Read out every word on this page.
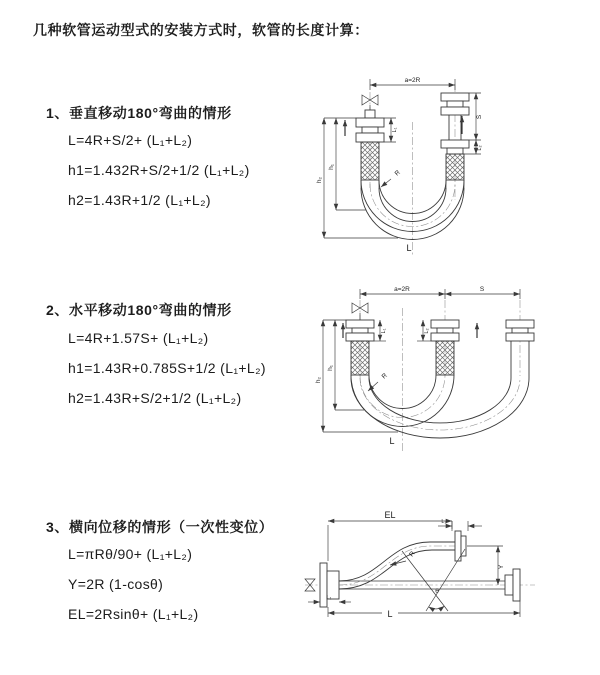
几种软管运动型式的安装方式时，软管的长度计算：
1、垂直移动180°弯曲的情形
L=4R+S/2+ (L₁+L₂)
h1=1.432R+S/2+1/2 (L₁+L₂)
h2=1.43R+1/2 (L₁+L₂)
a=2R
h₁
h₂
L₁
S
L₂
R
L
2、水平移动180°弯曲的情形
L=4R+1.57S+ (L₁+L₂)
h1=1.43R+0.785S+1/2 (L₁+L₂)
h2=1.43R+S/2+1/2 (L₁+L₂)
a=2R	S
h₁
h₂
L₁	L₂
R
L
3、横向位移的情形（一次性变位）
L=πRθ/90+ (L₁+L₂)
Y=2R (1-cosθ)
EL=2Rsinθ+ (L₁+L₂)
EL
L₂
Y
θ
R
L₁
L
